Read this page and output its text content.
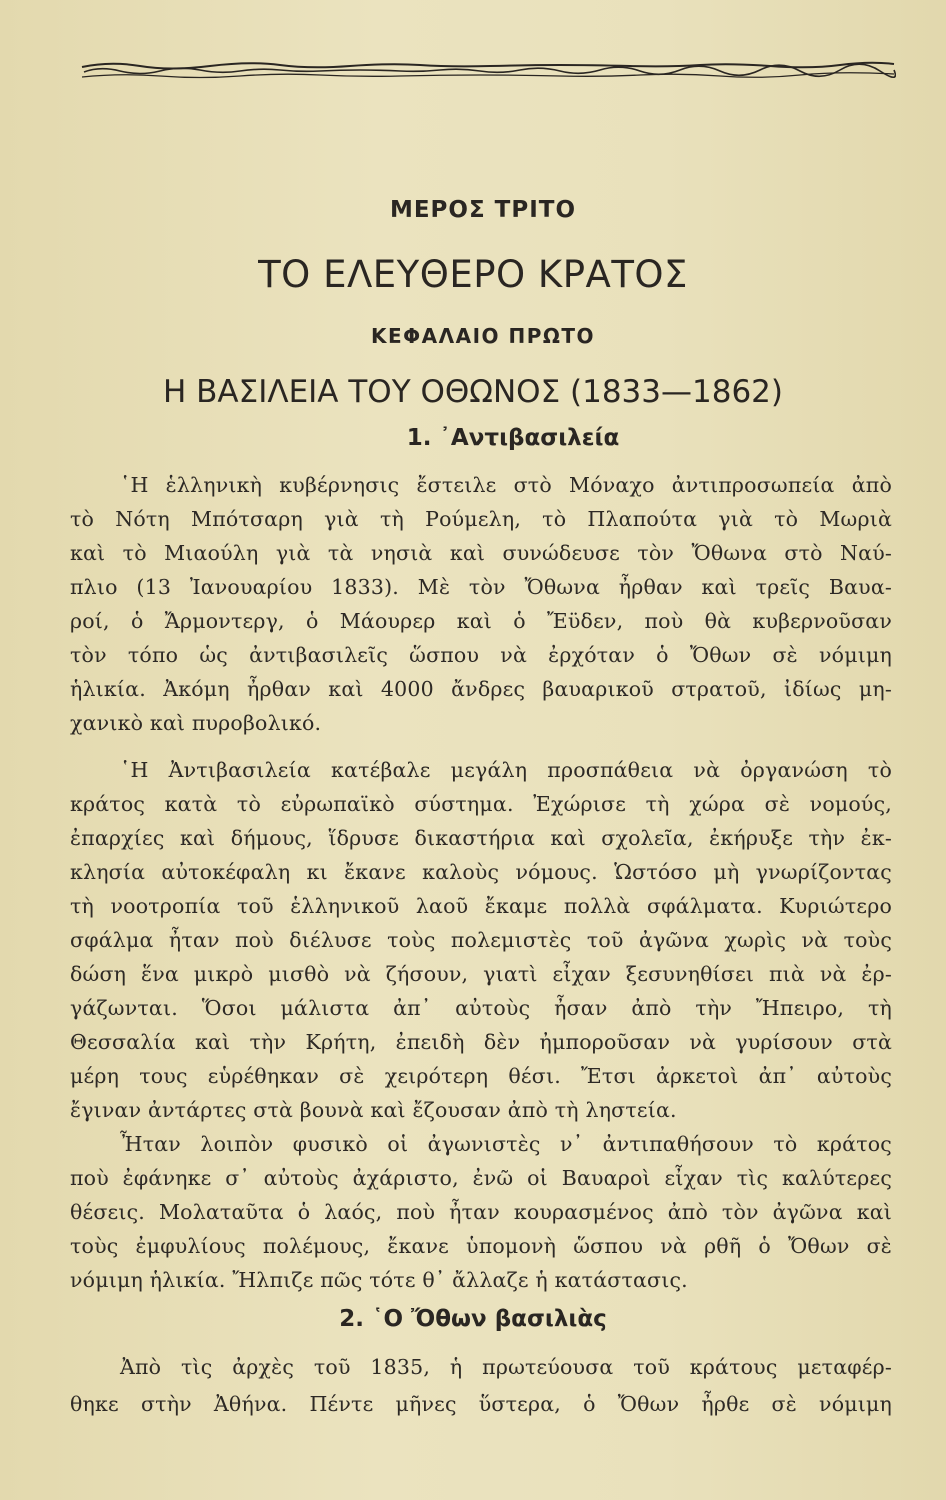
ΜΕΡΟΣ ΤΡΙΤΟ
ΤΟ ΕΛΕΥΘΕΡΟ ΚΡΑΤΟΣ
ΚΕΦΑΛΑΙΟ ΠΡΩΤΟ
Η ΒΑΣΙΛΕΙΑ ΤΟΥ ΟΘΩΝΟΣ (1833—1862)
1. ᾿Αντιβασιλεία
῾Η ἑλληνικὴ κυβέρνησις ἔστειλε στὸ Μόναχο ἀντιπροσωπεία ἀπὸ
τὸ Νότη Μπότσαρη γιὰ τὴ Ρούμελη, τὸ Πλαπούτα γιὰ τὸ Μωριὰ
καὶ τὸ Μιαούλη γιὰ τὰ νησιὰ καὶ συνώδευσε τὸν Ὄθωνα στὸ Ναύ-
πλιο (13 Ἰανουαρίου 1833). Μὲ τὸν Ὄθωνα ἦρθαν καὶ τρεῖς Βαυα-
ροί, ὁ Ἄρμοντεργ, ὁ Μάουρερ καὶ ὁ Ἔϋδεν, ποὺ θὰ κυβερνοῦσαν
τὸν τόπο ὡς ἀντιβασιλεῖς ὥσπου νὰ ἐρχόταν ὁ Ὄθων σὲ νόμιμη
ἡλικία. Ἀκόμη ἦρθαν καὶ 4000 ἄνδρες βαυαρικοῦ στρατοῦ, ἰδίως μη-
χανικὸ καὶ πυροβολικό.
῾Η Ἀντιβασιλεία κατέβαλε μεγάλη προσπάθεια νὰ ὀργανώση τὸ
κράτος κατὰ τὸ εὐρωπαϊκὸ σύστημα. Ἐχώρισε τὴ χώρα σὲ νομούς,
ἐπαρχίες καὶ δήμους, ἵδρυσε δικαστήρια καὶ σχολεῖα, ἐκήρυξε τὴν ἐκ-
κλησία αὐτοκέφαλη κι ἔκανε καλοὺς νόμους. Ὡστόσο μὴ γνωρίζοντας
τὴ νοοτροπία τοῦ ἑλληνικοῦ λαοῦ ἔκαμε πολλὰ σφάλματα. Κυριώτερο
σφάλμα ἦταν ποὺ διέλυσε τοὺς πολεμιστὲς τοῦ ἀγῶνα χωρὶς νὰ τοὺς
δώση ἕνα μικρὸ μισθὸ νὰ ζήσουν, γιατὶ εἶχαν ξεσυνηθίσει πιὰ νὰ ἐρ-
γάζωνται. Ὅσοι μάλιστα ἀπ᾿ αὐτοὺς ἦσαν ἀπὸ τὴν Ἤπειρο, τὴ
Θεσσαλία καὶ τὴν Κρήτη, ἐπειδὴ δὲν ἠμποροῦσαν νὰ γυρίσουν στὰ
μέρη τους εὑρέθηκαν σὲ χειρότερη θέσι. Ἔτσι ἀρκετοὶ ἀπ᾿ αὐτοὺς
ἔγιναν ἀντάρτες στὰ βουνὰ καὶ ἔζουσαν ἀπὸ τὴ ληστεία.
Ἦταν λοιπὸν φυσικὸ οἱ ἀγωνιστὲς ν᾿ ἀντιπαθήσουν τὸ κράτος
ποὺ ἐφάνηκε σ᾿ αὐτοὺς ἀχάριστο, ἐνῶ οἱ Βαυαροὶ εἶχαν τὶς καλύτερες
θέσεις. Μολαταῦτα ὁ λαός, ποὺ ἦταν κουρασμένος ἀπὸ τὸν ἀγῶνα καὶ
τοὺς ἐμφυλίους πολέμους, ἔκανε ὑπομονὴ ὥσπου νὰ ρθῆ ὁ Ὄθων σὲ
νόμιμη ἡλικία. Ἤλπιζε πῶς τότε θ᾿ ἄλλαζε ἡ κατάστασις.
2. ῾Ο Ὄθων βασιλιὰς
Ἀπὸ τὶς ἀρχὲς τοῦ 1835, ἡ πρωτεύουσα τοῦ κράτους μεταφέρ-
θηκε στὴν Ἀθήνα. Πέντε μῆνες ὕστερα, ὁ Ὄθων ἦρθε σὲ νόμιμη
